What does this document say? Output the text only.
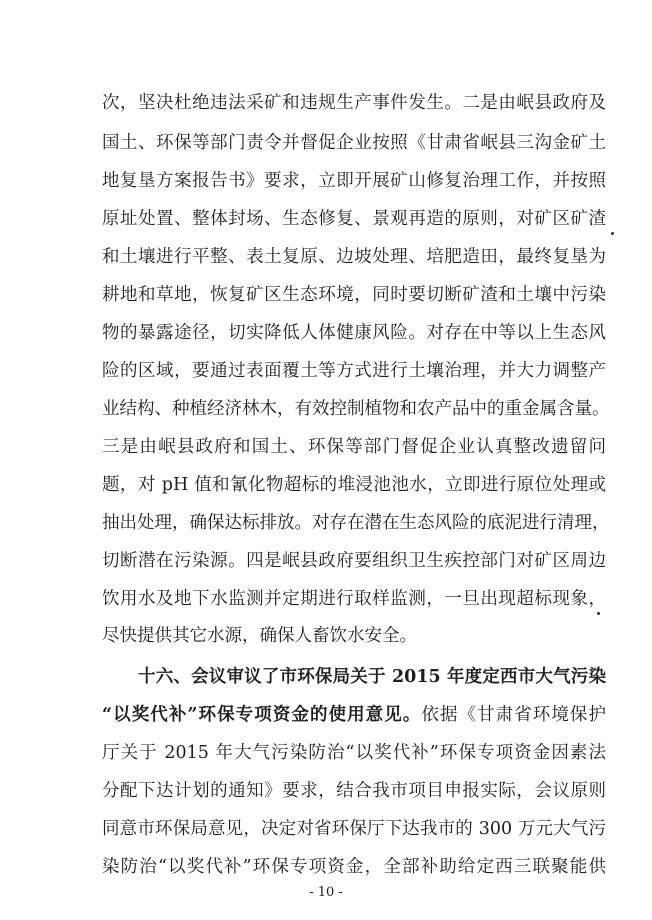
次，坚决杜绝违法采矿和违规生产事件发生。二是由岷县政府及
国土、环保等部门责令并督促企业按照《甘肃省岷县三沟金矿土
地复垦方案报告书》要求，立即开展矿山修复治理工作，并按照
原址处置、整体封场、生态修复、景观再造的原则，对矿区矿渣
和土壤进行平整、表土复原、边坡处理、培肥造田，最终复垦为
耕地和草地，恢复矿区生态环境，同时要切断矿渣和土壤中污染
物的暴露途径，切实降低人体健康风险。对存在中等以上生态风
险的区域，要通过表面覆土等方式进行土壤治理，并大力调整产
业结构、种植经济林木，有效控制植物和农产品中的重金属含量。
三是由岷县政府和国土、环保等部门督促企业认真整改遗留问
题，对 pH 值和氰化物超标的堆浸池池水，立即进行原位处理或
抽出处理，确保达标排放。对存在潜在生态风险的底泥进行清理，
切断潜在污染源。四是岷县政府要组织卫生疾控部门对矿区周边
饮用水及地下水监测并定期进行取样监测，一旦出现超标现象，
尽快提供其它水源，确保人畜饮水安全。
十六、会议审议了市环保局关于 2015 年度定西市大气污染
“以奖代补”环保专项资金的使用意见。依据《甘肃省环境保护
厅关于 2015 年大气污染防治“以奖代补”环保专项资金因素法
分配下达计划的通知》要求，结合我市项目申报实际，会议原则
同意市环保局意见，决定对省环保厅下达我市的 300 万元大气污
染防治“以奖代补”环保专项资金，全部补助给定西三联聚能供
- 10 -
